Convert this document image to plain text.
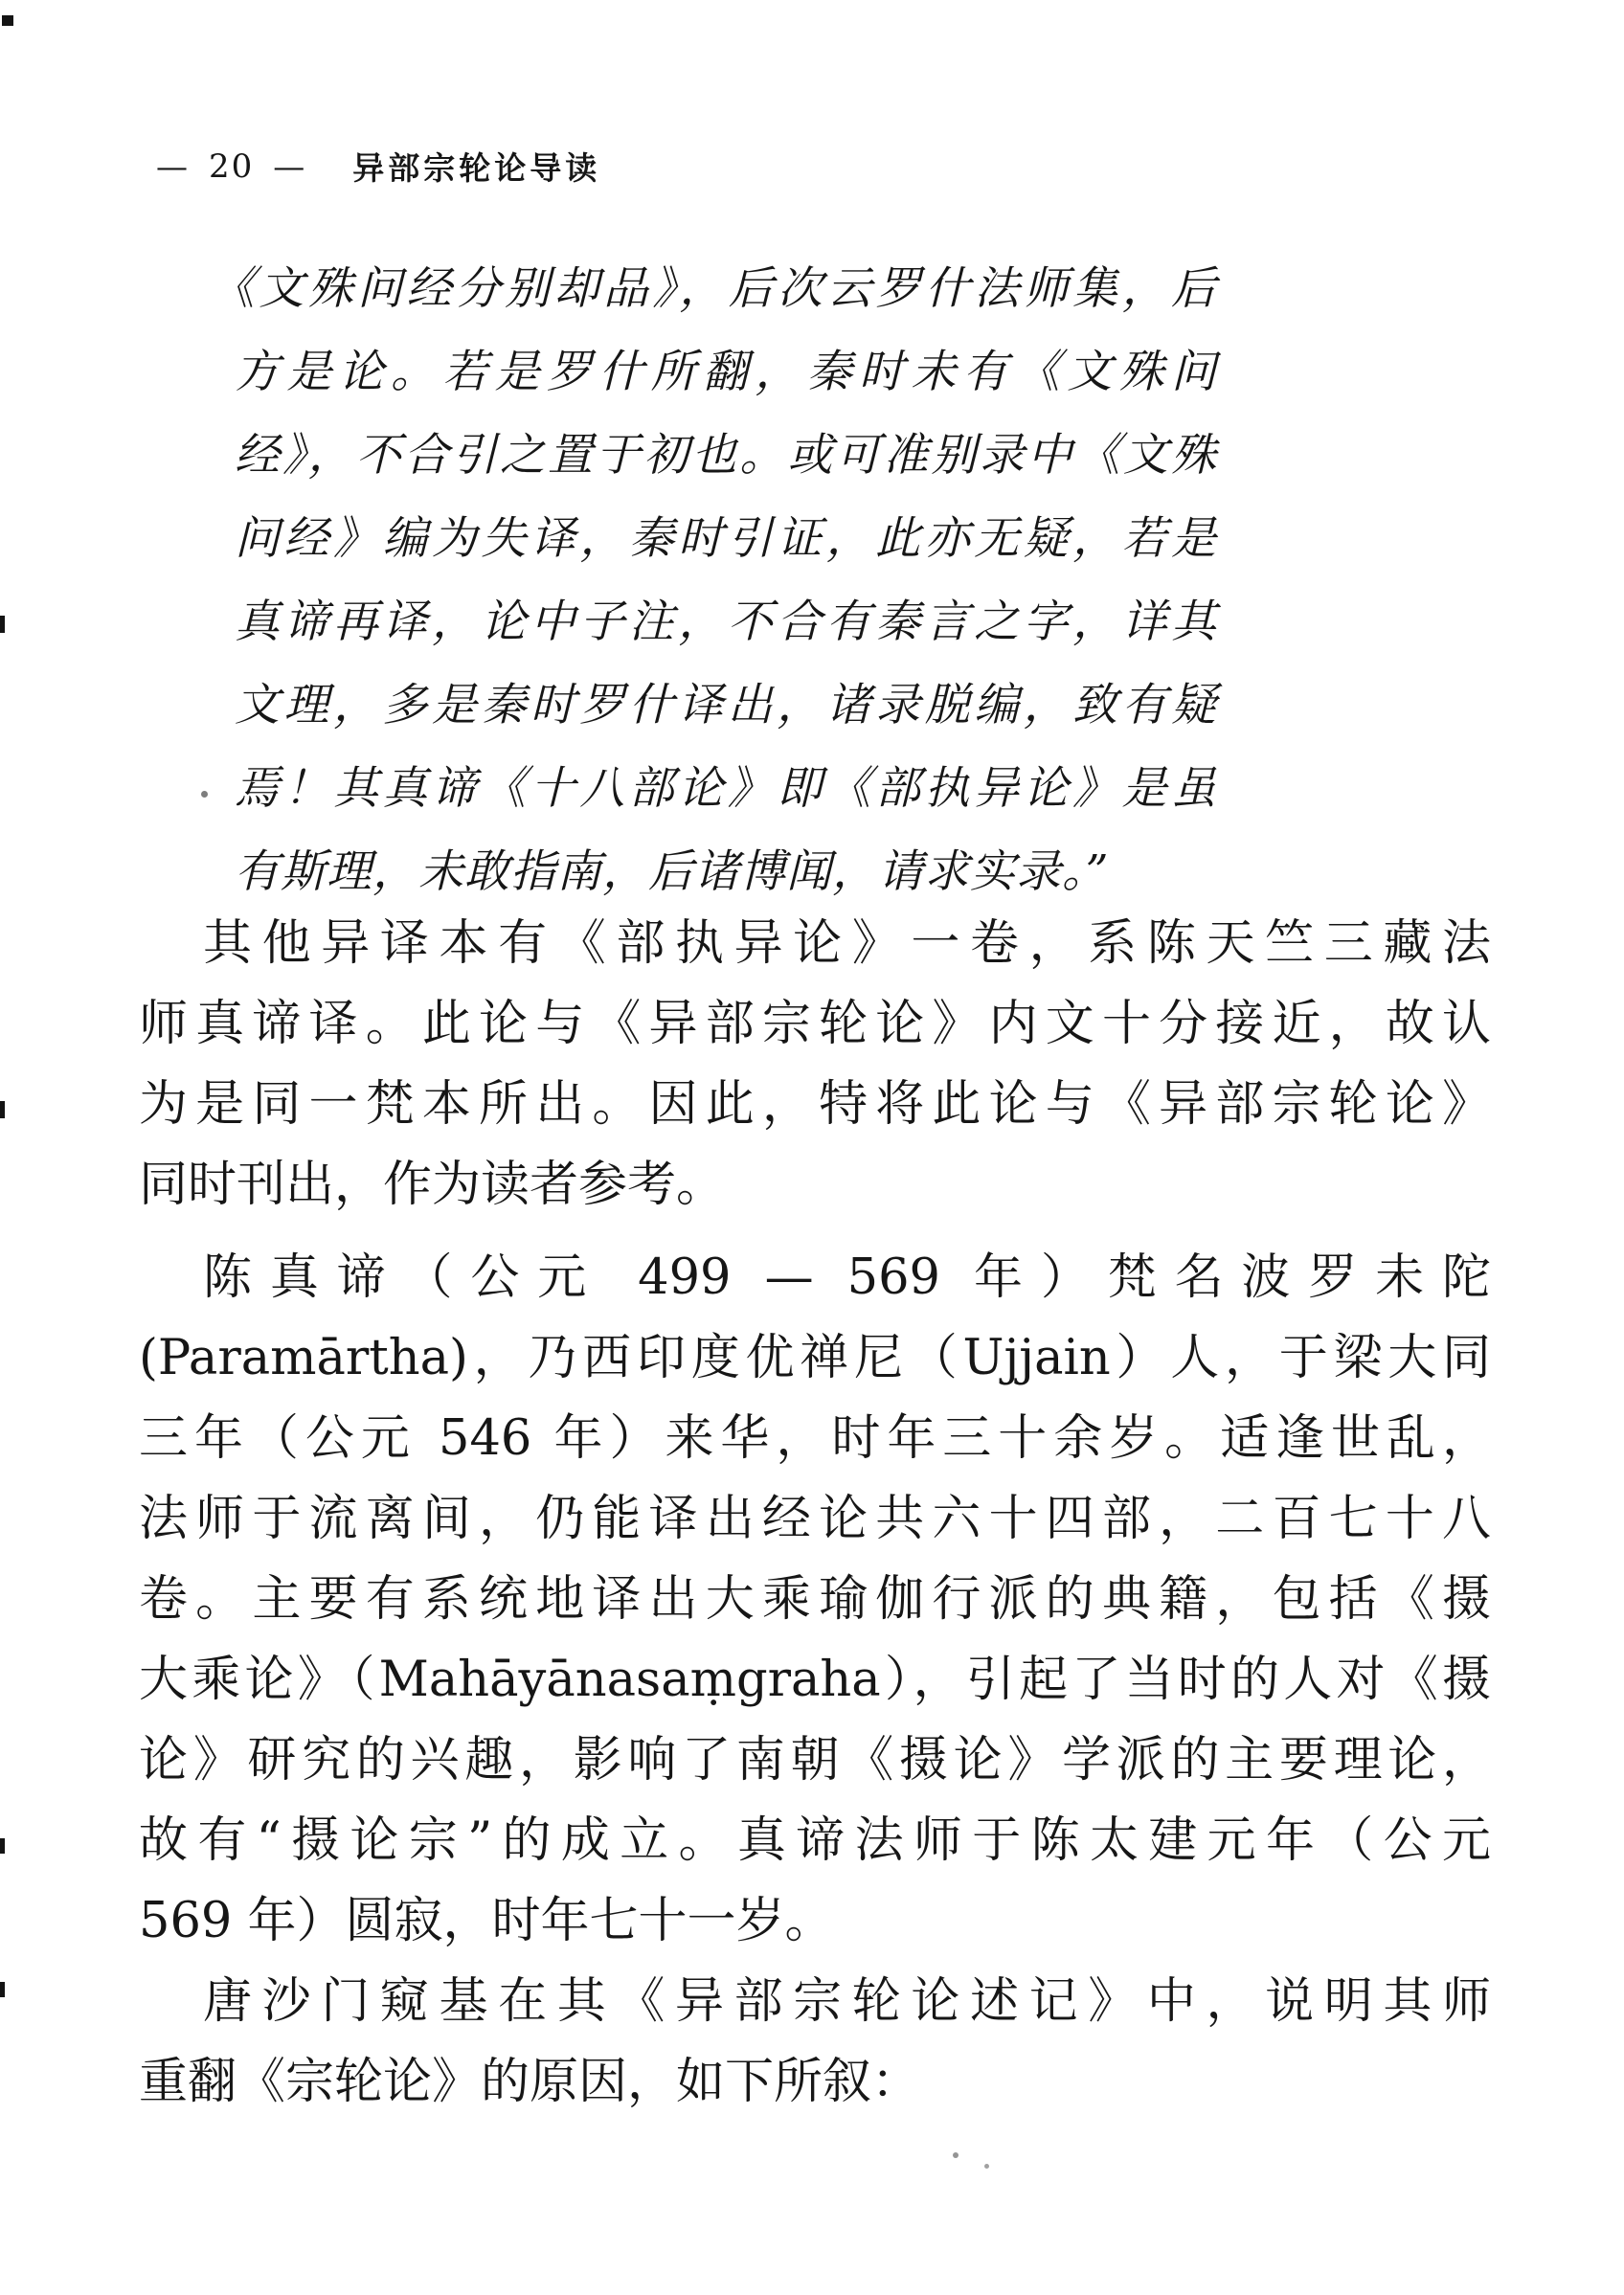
— 20 — 异部宗轮论导读
《文殊问经分别却品》，后次云罗什法师集，后
方是论。若是罗什所翻，秦时未有《文殊问
经》，不合引之置于初也。或可准别录中《文殊
问经》编为失译，秦时引证，此亦无疑，若是
真谛再译，论中子注，不合有秦言之字，详其
文理，多是秦时罗什译出，诸录脱编，致有疑
焉！其真谛《十八部论》即《部执异论》是虽
有斯理，未敢指南，后诸博闻，请求实录。”
其他异译本有《部执异论》一卷，系陈天竺三藏法
师真谛译。此论与《异部宗轮论》内文十分接近，故认
为是同一梵本所出。因此，特将此论与《异部宗轮论》
同时刊出，作为读者参考。
陈真谛（公元 499 — 569 年）梵名波罗未陀
(Paramārtha)，乃西印度优禅尼（Ujjain）人，于梁大同
三年（公元 546 年）来华，时年三十余岁。适逢世乱，
法师于流离间，仍能译出经论共六十四部，二百七十八
卷。主要有系统地译出大乘瑜伽行派的典籍，包括《摄
大乘论》（Mahāyānasaṃgraha），引起了当时的人对《摄
论》研究的兴趣，影响了南朝《摄论》学派的主要理论，
故有“摄论宗”的成立。真谛法师于陈太建元年（公元
569 年）圆寂，时年七十一岁。
唐沙门窥基在其《异部宗轮论述记》中，说明其师
重翻《宗轮论》的原因，如下所叙：
